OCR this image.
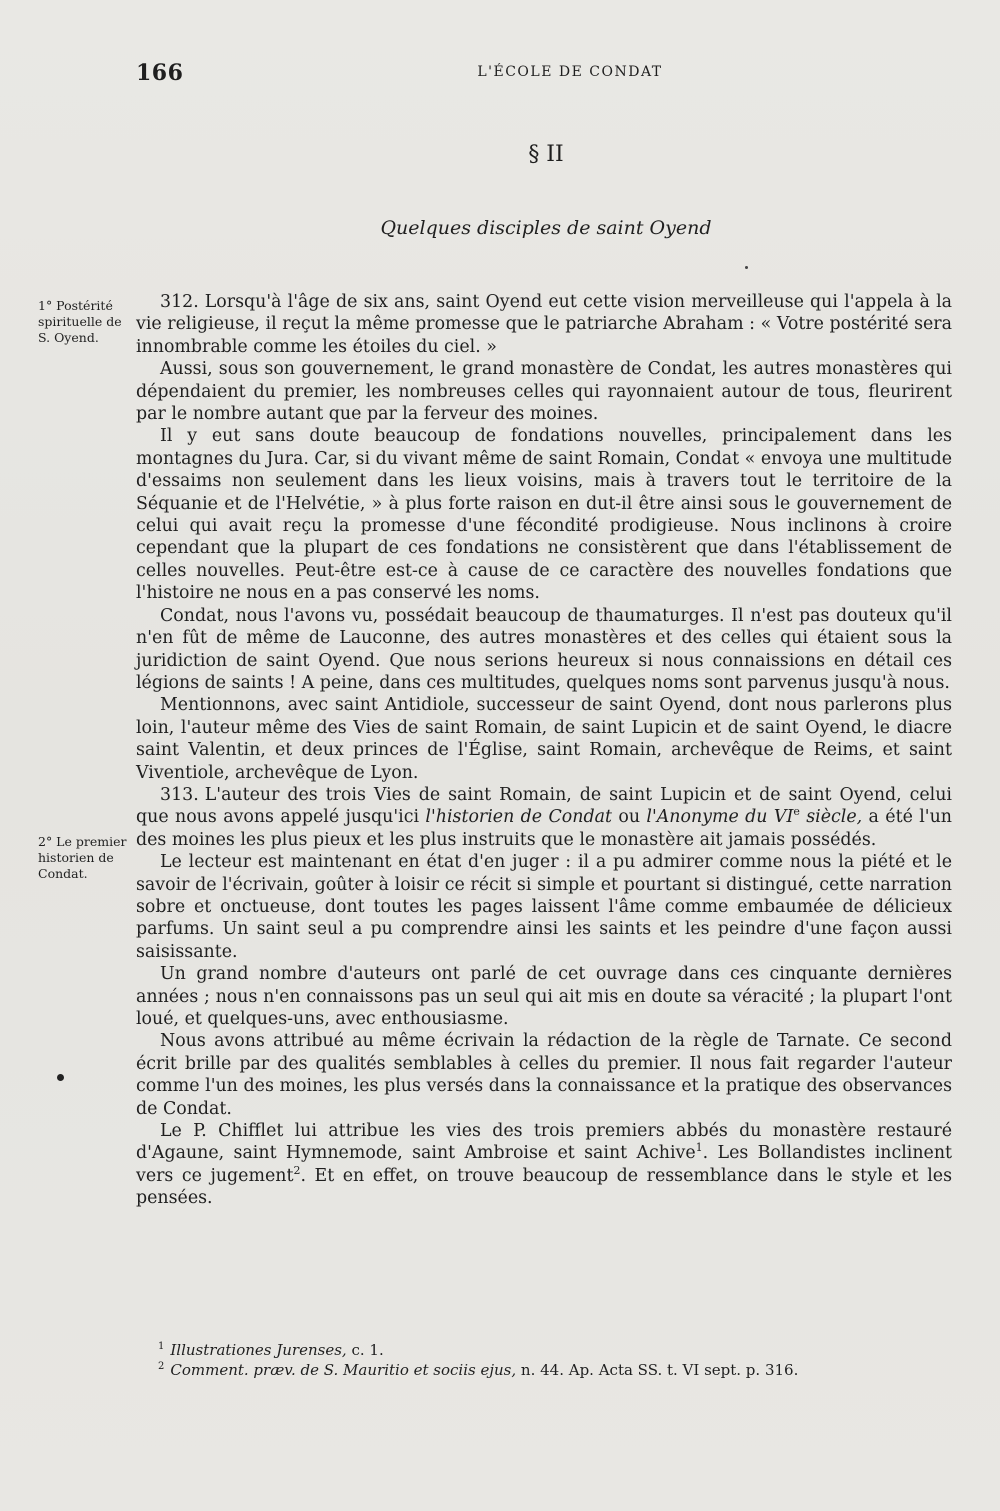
166	L'ÉCOLE DE CONDAT
§ II
Quelques disciples de saint Oyend
1° Postérité spirituelle de S. Oyend.
2° Le premier historien de Condat.

312. Lorsqu'à l'âge de six ans, saint Oyend eut cette vision merveilleuse qui l'appela à la vie religieuse, il reçut la même promesse que le patriarche Abraham : « Votre postérité sera innombrable comme les étoiles du ciel. »

Aussi, sous son gouvernement, le grand monastère de Condat, les autres monastères qui dépendaient du premier, les nombreuses celles qui rayonnaient autour de tous, fleurirent par le nombre autant que par la ferveur des moines.

Il y eut sans doute beaucoup de fondations nouvelles, principalement dans les montagnes du Jura. Car, si du vivant même de saint Romain, Condat « envoya une multitude d'essaims non seulement dans les lieux voisins, mais à travers tout le territoire de la Séquanie et de l'Helvétie, » à plus forte raison en dut-il être ainsi sous le gouvernement de celui qui avait reçu la promesse d'une fécondité prodigieuse. Nous inclinons à croire cependant que la plupart de ces fondations ne consistèrent que dans l'établissement de celles nouvelles. Peut-être est-ce à cause de ce caractère des nouvelles fondations que l'histoire ne nous en a pas conservé les noms.

Condat, nous l'avons vu, possédait beaucoup de thaumaturges. Il n'est pas douteux qu'il n'en fût de même de Lauconne, des autres monastères et des celles qui étaient sous la juridiction de saint Oyend. Que nous serions heureux si nous connaissions en détail ces légions de saints ! A peine, dans ces multitudes, quelques noms sont parvenus jusqu'à nous.

Mentionnons, avec saint Antidiole, successeur de saint Oyend, dont nous parlerons plus loin, l'auteur même des Vies de saint Romain, de saint Lupicin et de saint Oyend, le diacre saint Valentin, et deux princes de l'Église, saint Romain, archevêque de Reims, et saint Viventiole, archevêque de Lyon.

313. L'auteur des trois Vies de saint Romain, de saint Lupicin et de saint Oyend, celui que nous avons appelé jusqu'ici l'historien de Condat ou l'Anonyme du VIe siècle, a été l'un des moines les plus pieux et les plus instruits que le monastère ait jamais possédés.

Le lecteur est maintenant en état d'en juger : il a pu admirer comme nous la piété et le savoir de l'écrivain, goûter à loisir ce récit si simple et pourtant si distingué, cette narration sobre et onctueuse, dont toutes les pages laissent l'âme comme embaumée de délicieux parfums. Un saint seul a pu comprendre ainsi les saints et les peindre d'une façon aussi saisissante.

Un grand nombre d'auteurs ont parlé de cet ouvrage dans ces cinquante dernières années ; nous n'en connaissons pas un seul qui ait mis en doute sa véracité ; la plupart l'ont loué, et quelques-uns, avec enthousiasme.

Nous avons attribué au même écrivain la rédaction de la règle de Tarnate. Ce second écrit brille par des qualités semblables à celles du premier. Il nous fait regarder l'auteur comme l'un des moines, les plus versés dans la connaissance et la pratique des observances de Condat.

Le P. Chifflet lui attribue les vies des trois premiers abbés du monastère restauré d'Agaune, saint Hymnemode, saint Ambroise et saint Achive$^1$. Les Bollandistes inclinent vers ce jugement$^2$. Et en effet, on trouve beaucoup de ressemblance dans le style et les pensées.

$^1$ Illustrationes Jurenses, c. 1.
$^2$ Comment. præv. de S. Mauritio et sociis ejus, n. 44. Ap. Acta SS. t. VI sept. p. 316.
